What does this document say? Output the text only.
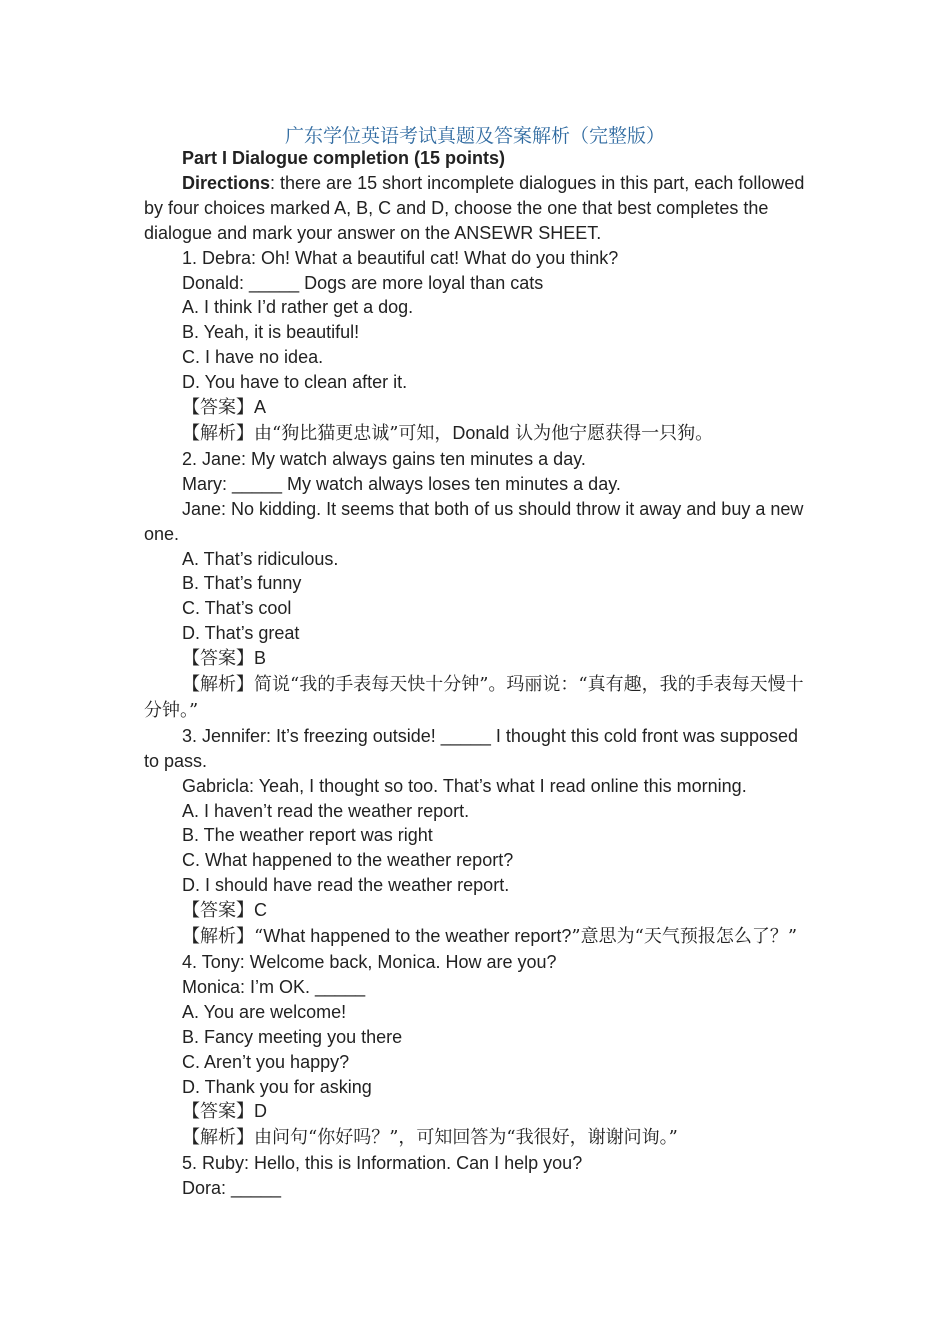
广东学位英语考试真题及答案解析（完整版）

Part I Dialogue completion (15 points)

Directions: there are 15 short incomplete dialogues in this part, each followed by four choices marked A, B, C and D, choose the one that best completes the dialogue and mark your answer on the ANSEWR SHEET.

1. Debra: Oh! What a beautiful cat! What do you think?

Donald: _____ Dogs are more loyal than cats

A. I think I’d rather get a dog.

B. Yeah, it is beautiful!

C. I have no idea.

D. You have to clean after it.

【答案】A

【解析】由“狗比猫更忠诚”可知，Donald 认为他宁愿获得一只狗。

2. Jane: My watch always gains ten minutes a day.

Mary: _____ My watch always loses ten minutes a day.

Jane: No kidding. It seems that both of us should throw it away and buy a new one.

A. That’s ridiculous.

B. That’s funny

C. That’s cool

D. That’s great

【答案】B

【解析】简说“我的手表每天快十分钟”。玛丽说：“真有趣，我的手表每天慢十分钟。”

3. Jennifer: It’s freezing outside! _____ I thought this cold front was supposed to pass.

Gabricla: Yeah, I thought so too. That’s what I read online this morning.

A. I haven’t read the weather report.

B. The weather report was right

C. What happened to the weather report?

D. I should have read the weather report.

【答案】C

【解析】“What happened to the weather report?”意思为“天气预报怎么了？”

4. Tony: Welcome back, Monica. How are you?

Monica: I’m OK. _____

A. You are welcome!

B. Fancy meeting you there

C. Aren’t you happy?

D. Thank you for asking

【答案】D

【解析】由问句“你好吗？”，可知回答为“我很好，谢谢问询。”

5. Ruby: Hello, this is Information. Can I help you?

Dora: _____
